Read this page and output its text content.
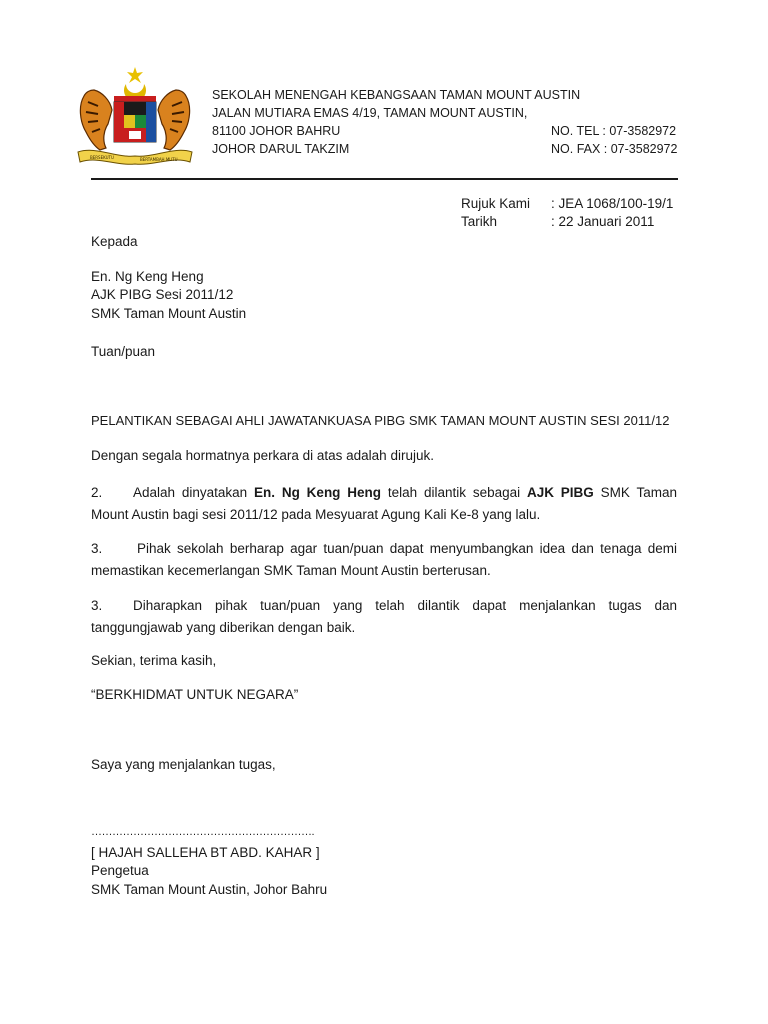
BERSEKUTU	BERTAMBAH MUTU
SEKOLAH MENENGAH KEBANGSAAN TAMAN MOUNT AUSTIN
JALAN MUTIARA EMAS 4/19, TAMAN MOUNT AUSTIN,
81100 JOHOR BAHRU
JOHOR DARUL TAKZIM
NO. TEL : 07-3582972
NO. FAX : 07-3582972
Rujuk Kami : JEA 1068/100-19/1
Tarikh	: 22 Januari 2011
Kepada
En. Ng Keng Heng
AJK PIBG Sesi 2011/12
SMK Taman Mount Austin
Tuan/puan
PELANTIKAN SEBAGAI AHLI JAWATANKUASA PIBG SMK TAMAN MOUNT AUSTIN SESI 2011/12
Dengan segala hormatnya perkara di atas adalah dirujuk.
2. Adalah dinyatakan En. Ng Keng Heng telah dilantik sebagai AJK PIBG SMK Taman Mount Austin bagi sesi 2011/12 pada Mesyuarat Agung Kali Ke-8 yang lalu.
3.	Pihak sekolah berharap agar tuan/puan dapat menyumbangkan idea dan tenaga demi memastikan kecemerlangan SMK Taman Mount Austin berterusan.
3. Diharapkan pihak tuan/puan yang telah dilantik dapat menjalankan tugas dan tanggungjawab yang diberikan dengan baik.
Sekian, terima kasih,
“BERKHIDMAT UNTUK NEGARA”
Saya yang menjalankan tugas,
……………………………………………………….
[ HAJAH SALLEHA BT ABD. KAHAR ]
Pengetua
SMK Taman Mount Austin, Johor Bahru
